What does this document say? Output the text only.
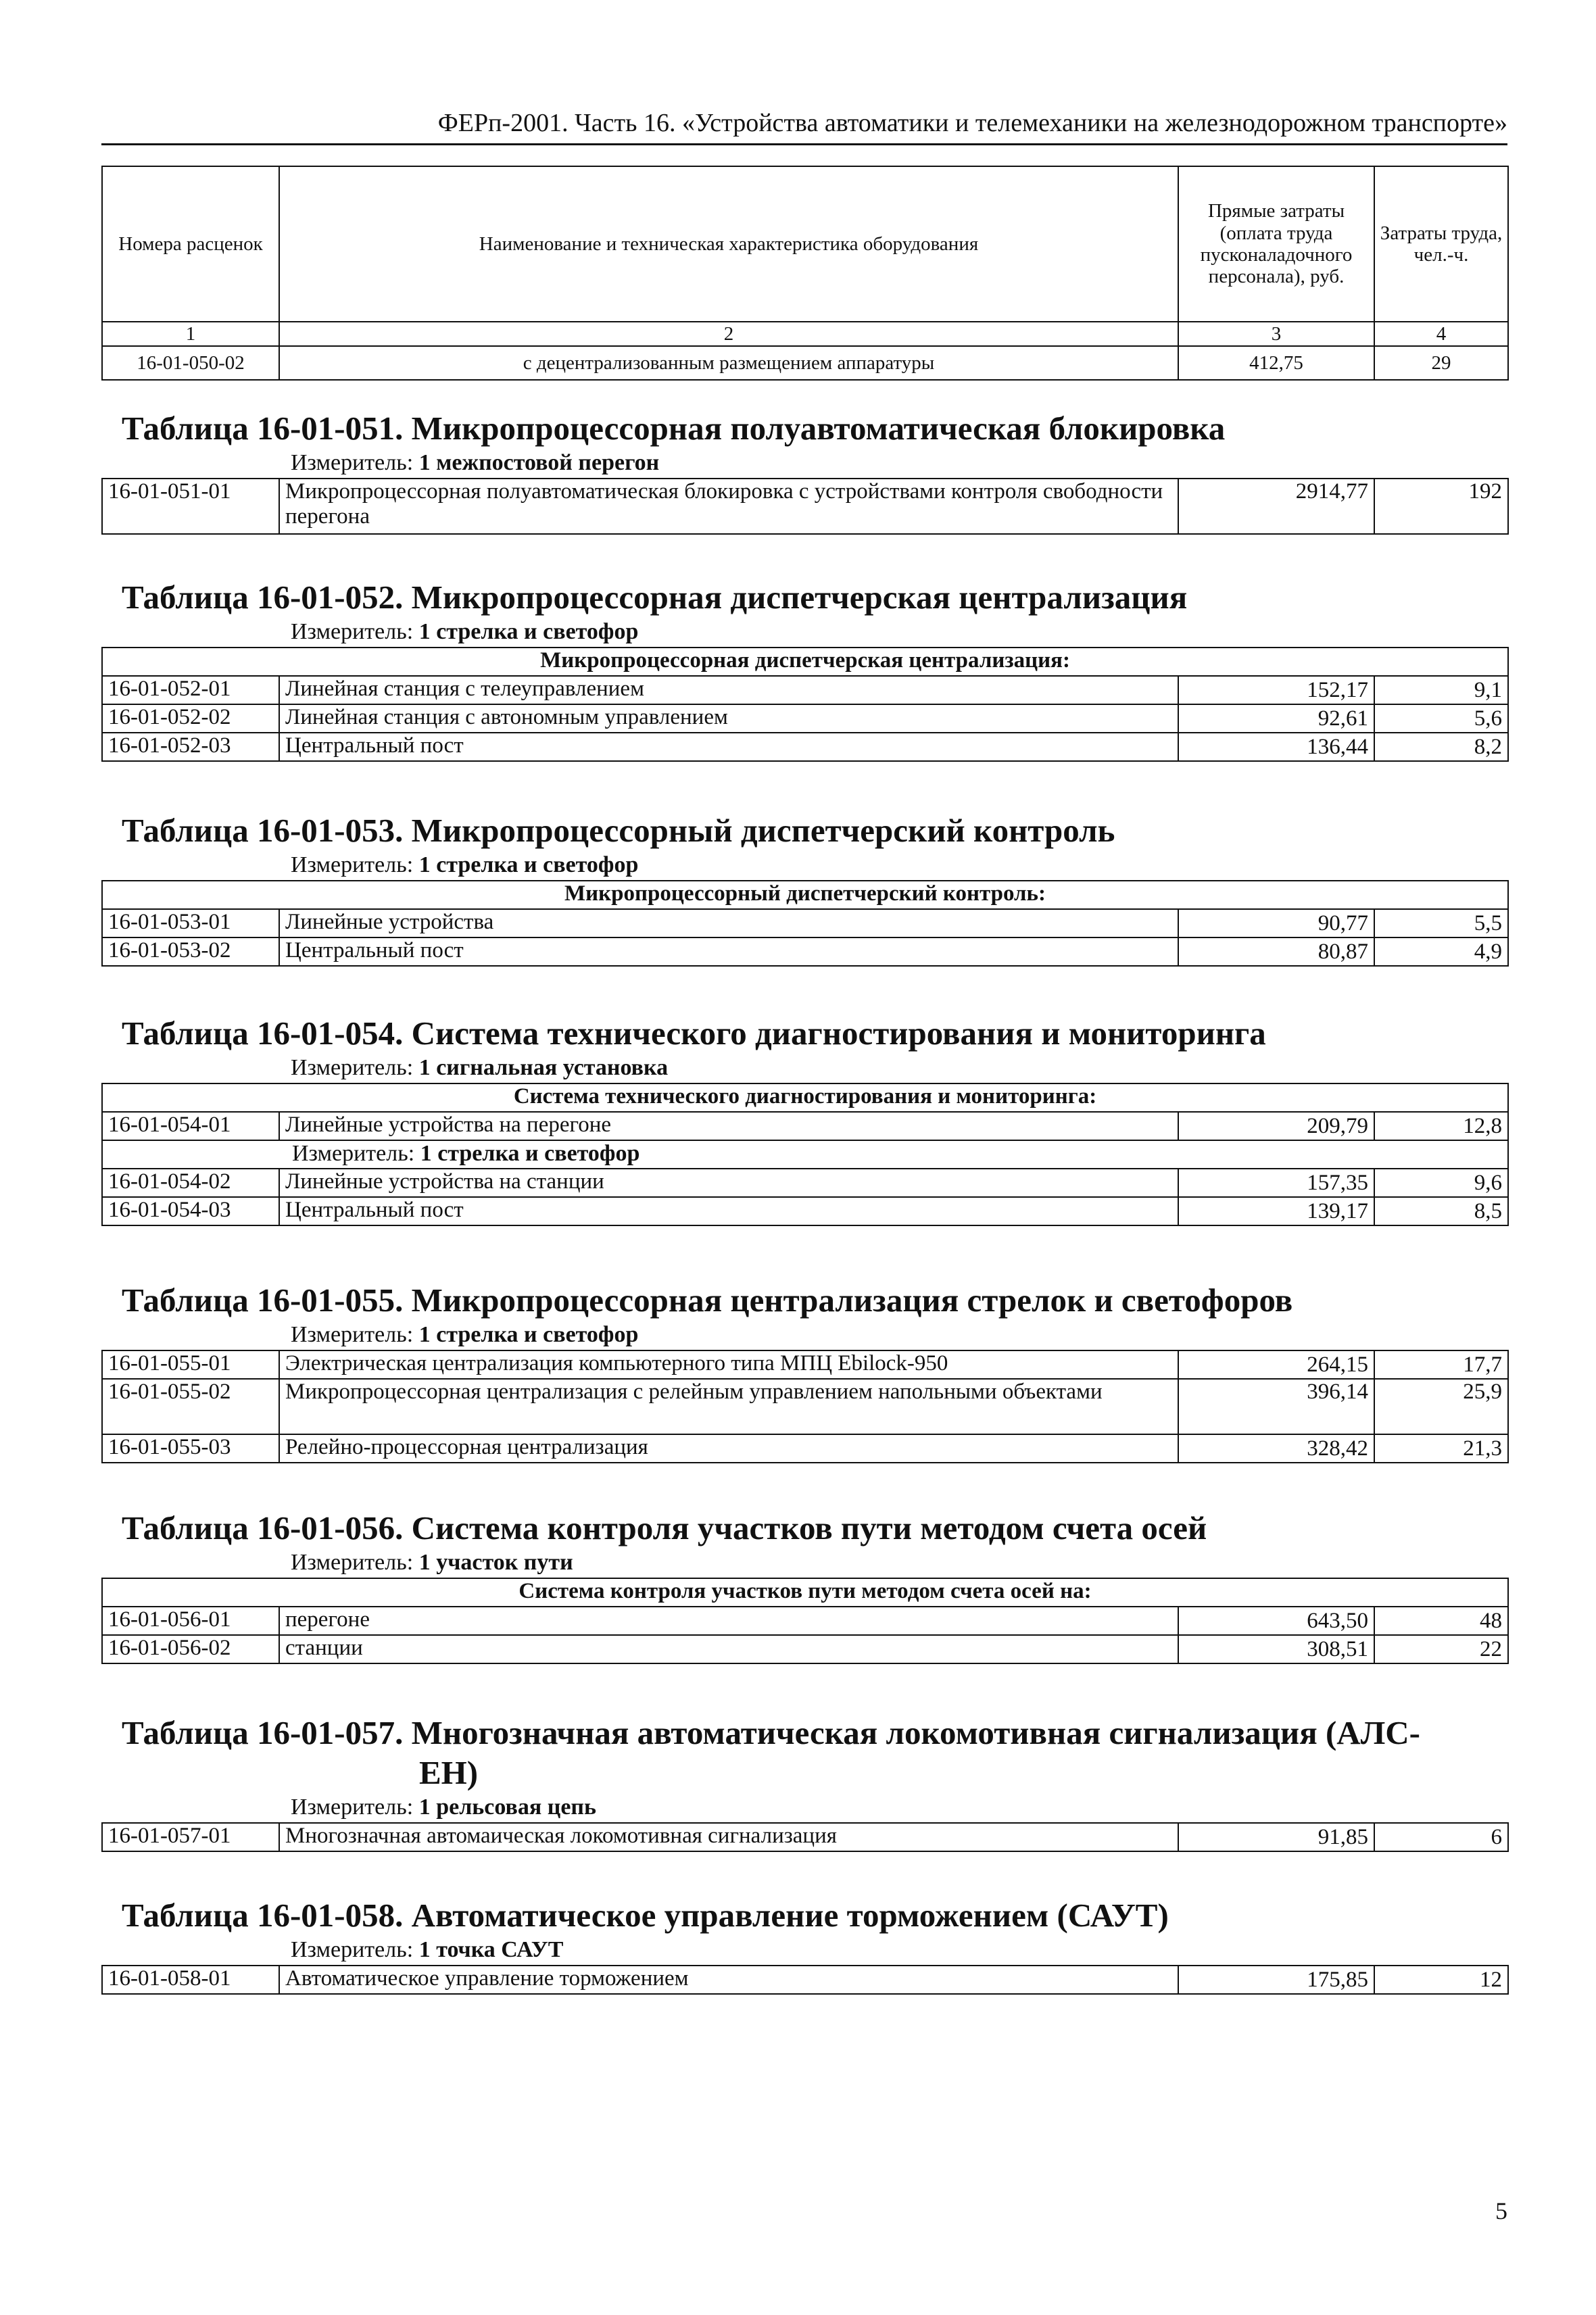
ФЕРп-2001. Часть 16. «Устройства автоматики и телемеханики на железнодорожном транспорте»
Номера расценок	Наименование и техническая характеристика оборудования	Прямые затраты (оплата труда пусконаладочного персонала), руб.	Затраты труда, чел.-ч.
1	2	3	4
16-01-050-02	с децентрализованным размещением аппаратуры	412,75	29
Таблица 16-01-051. Микропроцессорная полуавтоматическая блокировка
Измеритель: 1 межпостовой перегон
16-01-051-01	Микропроцессорная полуавтоматическая блокировка с устройствами контроля свободности перегона	2914,77	192
Таблица 16-01-052. Микропроцессорная диспетчерская централизация
Измеритель: 1 стрелка и светофор
Микропроцессорная диспетчерская централизация:			
16-01-052-01	Линейная станция с телеуправлением	152,17	9,1
16-01-052-02	Линейная станция с автономным управлением	92,61	5,6
16-01-052-03	Центральный пост	136,44	8,2
Таблица 16-01-053. Микропроцессорный диспетчерский контроль
Измеритель: 1 стрелка и светофор
Микропроцессорный диспетчерский контроль:			
16-01-053-01	Линейные устройства	90,77	5,5
16-01-053-02	Центральный пост	80,87	4,9
Таблица 16-01-054. Система технического диагностирования и мониторинга
Измеритель: 1 сигнальная установка
Система технического диагностирования и мониторинга:			
16-01-054-01	Линейные устройства на перегоне	209,79	12,8
Измеритель: 1 стрелка и светофор			
16-01-054-02	Линейные устройства на станции	157,35	9,6
16-01-054-03	Центральный пост	139,17	8,5
Таблица 16-01-055. Микропроцессорная централизация стрелок и светофоров
Измеритель: 1 стрелка и светофор
16-01-055-01	Электрическая централизация компьютерного типа МПЦ Ebilock-950	264,15	17,7
16-01-055-02	Микропроцессорная централизация с релейным управлением напольными объектами	396,14	25,9
16-01-055-03	Релейно-процессорная централизация	328,42	21,3
Таблица 16-01-056. Система контроля участков пути методом счета осей
Измеритель: 1 участок пути
Система контроля участков пути методом счета осей на:			
16-01-056-01	перегоне	643,50	48
16-01-056-02	станции	308,51	22
Таблица 16-01-057. Многозначная автоматическая локомотивная сигнализация (АЛС-
ЕН)
Измеритель: 1 рельсовая цепь
16-01-057-01	Многозначная автомаическая локомотивная сигнализация	91,85	6
Таблица 16-01-058. Автоматическое управление торможением (САУТ)
Измеритель: 1 точка САУТ
16-01-058-01	Автоматическое управление торможением	175,85	12
5
